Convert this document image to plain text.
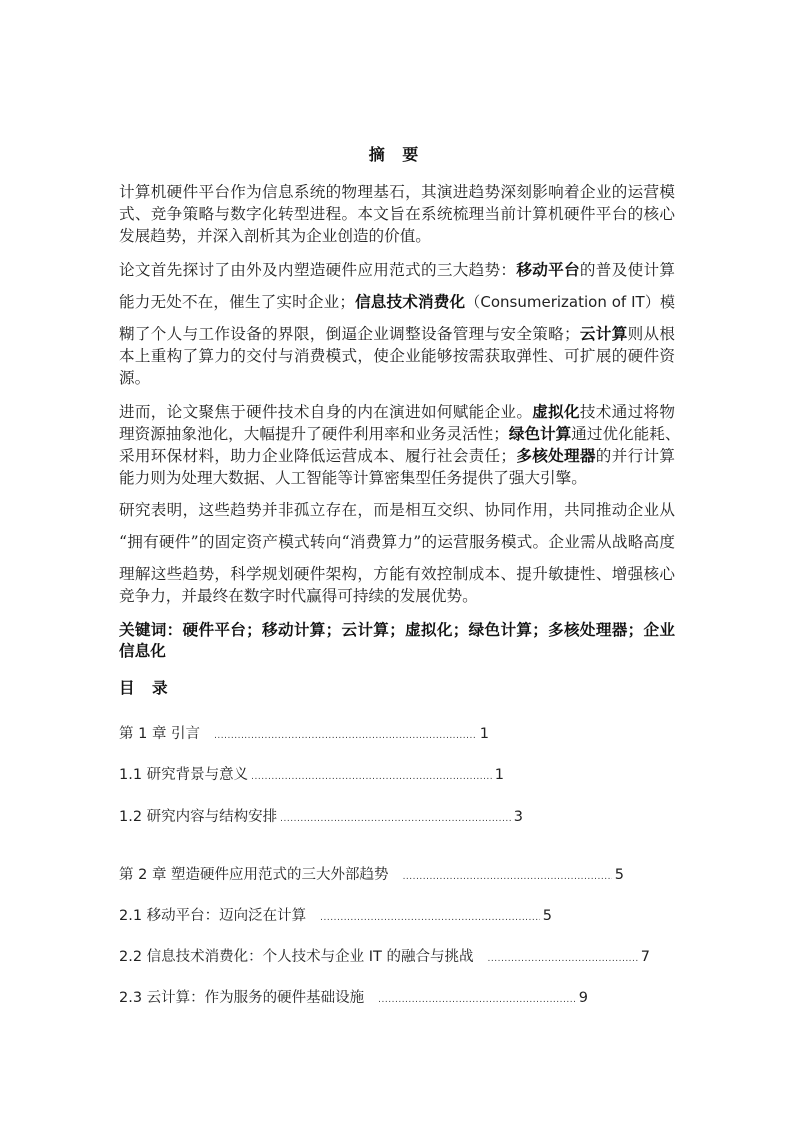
摘 要
计算机硬件平台作为信息系统的物理基石，其演进趋势深刻影响着企业的运营模
式、竞争策略与数字化转型进程。本文旨在系统梳理当前计算机硬件平台的核心
发展趋势，并深入剖析其为企业创造的价值。
论文首先探讨了由外及内塑造硬件应用范式的三大趋势：移动平台的普及使计算
能力无处不在，催生了实时企业；信息技术消费化（Consumerization of IT）模
糊了个人与工作设备的界限，倒逼企业调整设备管理与安全策略；云计算则从根
本上重构了算力的交付与消费模式，使企业能够按需获取弹性、可扩展的硬件资
源。
进而，论文聚焦于硬件技术自身的内在演进如何赋能企业。虚拟化技术通过将物
理资源抽象池化，大幅提升了硬件利用率和业务灵活性；绿色计算通过优化能耗、
采用环保材料，助力企业降低运营成本、履行社会责任；多核处理器的并行计算
能力则为处理大数据、人工智能等计算密集型任务提供了强大引擎。
研究表明，这些趋势并非孤立存在，而是相互交织、协同作用，共同推动企业从
“拥有硬件”的固定资产模式转向“消费算力”的运营服务模式。企业需从战略高度
理解这些趋势，科学规划硬件架构，方能有效控制成本、提升敏捷性、增强核心
竞争力，并最终在数字时代赢得可持续的发展优势。
关键词：硬件平台；移动计算；云计算；虚拟化；绿色计算；多核处理器；企业
信息化
目 录
第 1 章 引言 .....	1
1.1 研究背景与意义 .....	1
1.2 研究内容与结构安排 .....	3
第 2 章 塑造硬件应用范式的三大外部趋势 .....	5
2.1 移动平台：迈向泛在计算 .....	5
2.2 信息技术消费化：个人技术与企业 IT 的融合与挑战 .....	7
2.3 云计算：作为服务的硬件基础设施 .....	9
